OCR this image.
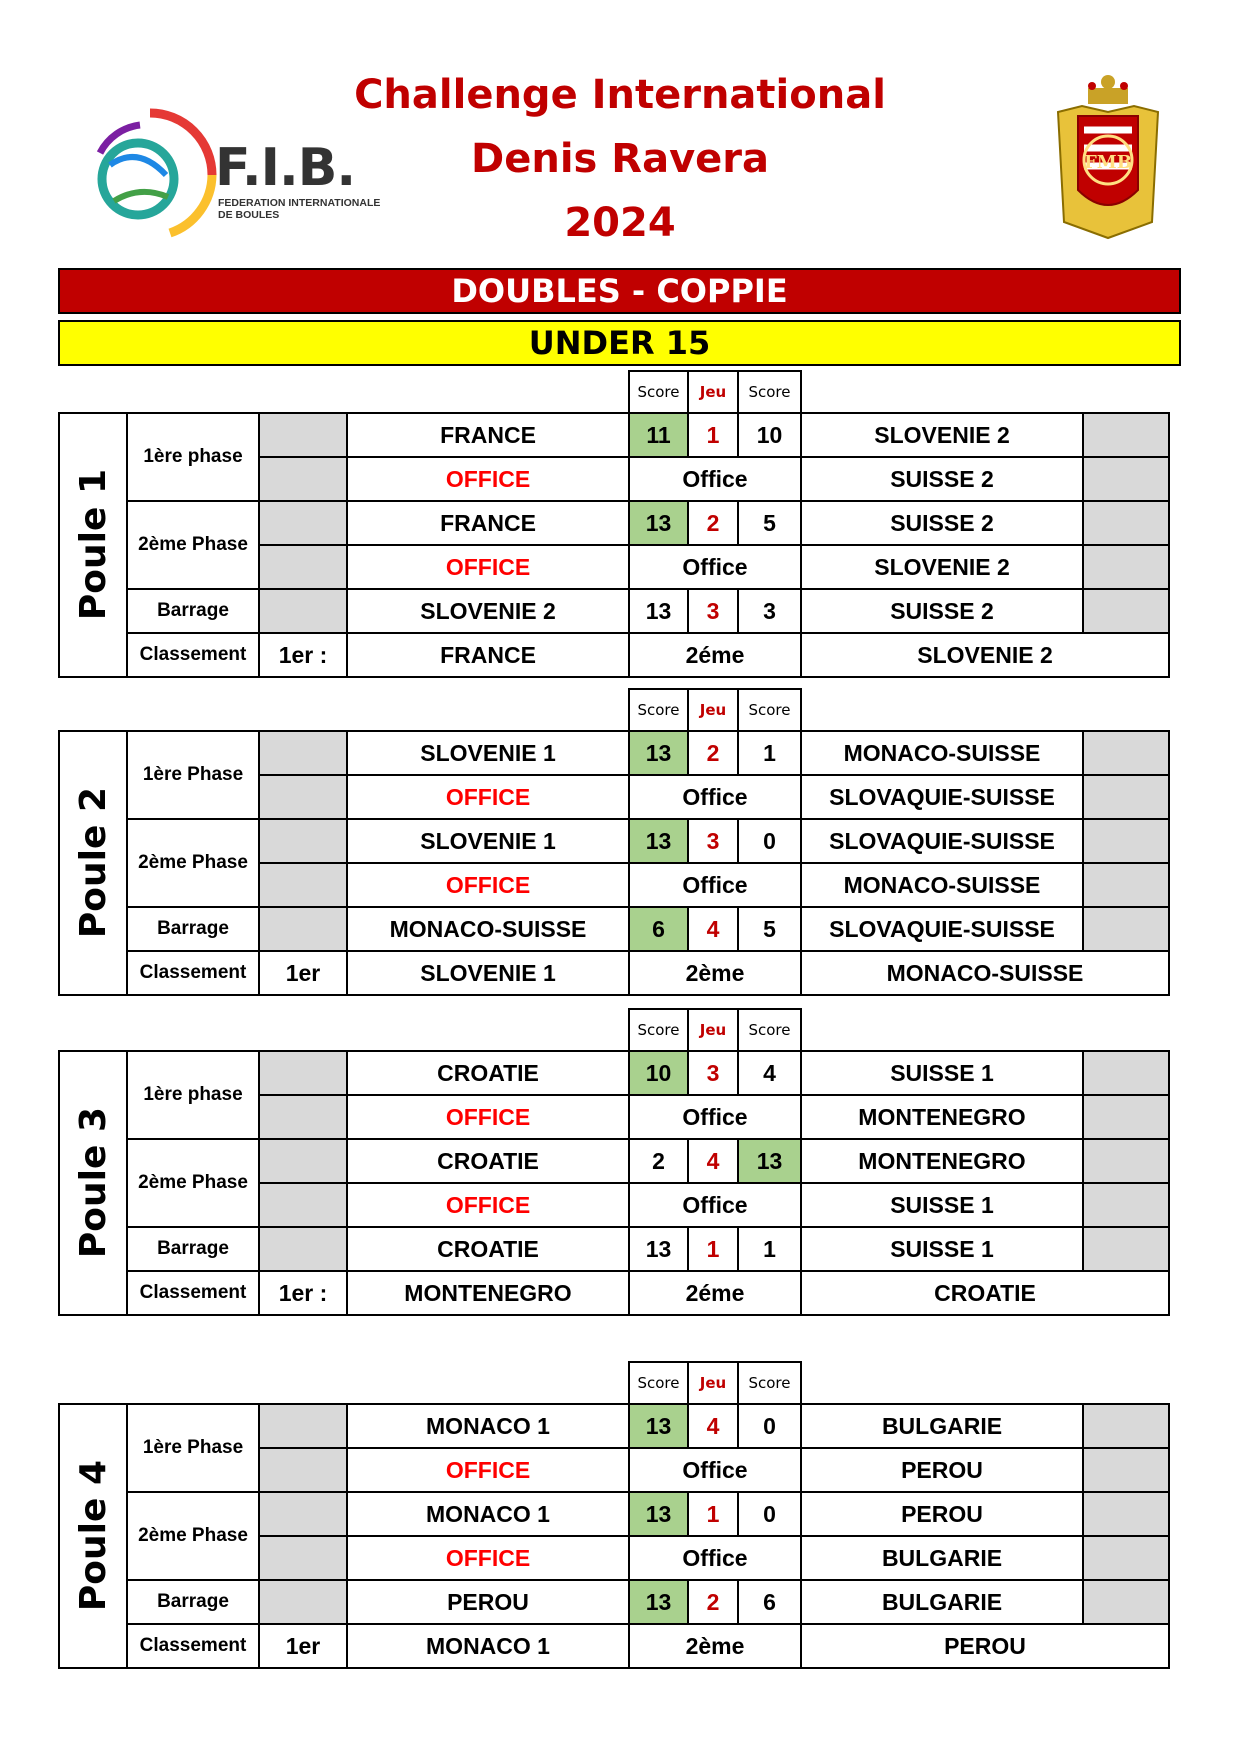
F.I.B.
FEDERATION INTERNATIONALE
DE BOULES
Challenge International
Denis Ravera
2024
FMB
DOUBLES - COPPIE
UNDER 15
Score Jeu Score
Poule 1
1ère phase
2ème Phase
Barrage
Classement
FRANCE	11 1 10	SLOVENIE 2
OFFICE	Office	SUISSE 2
FRANCE	13 2 5	SUISSE 2
OFFICE	Office	SLOVENIE 2
SLOVENIE 2	13 3 3	SUISSE 2
1er :	FRANCE	2éme	SLOVENIE 2
Score Jeu Score
Poule 2
1ère Phase
2ème Phase
Barrage
Classement
SLOVENIE 1	13 2 1	MONACO-SUISSE
OFFICE	Office	SLOVAQUIE-SUISSE
SLOVENIE 1	13 3 0 SLOVAQUIE-SUISSE
OFFICE	Office	MONACO-SUISSE
MONACO-SUISSE	6 4 5 SLOVAQUIE-SUISSE
1er	SLOVENIE 1	2ème	MONACO-SUISSE
Score Jeu Score
Poule 3
1ère phase
2ème Phase
Barrage
Classement
CROATIE	10 3 4	SUISSE 1
OFFICE	Office	MONTENEGRO
CROATIE	2 4 13	MONTENEGRO
OFFICE	Office	SUISSE 1
CROATIE	13 1 1	SUISSE 1
1er :	MONTENEGRO	2éme	CROATIE
Score Jeu Score
Poule 4
1ère Phase
2ème Phase
Barrage
Classement
MONACO 1	13 4 0	BULGARIE
OFFICE	Office	PEROU
MONACO 1	13 1 0	PEROU
OFFICE	Office	BULGARIE
PEROU	13 2 6	BULGARIE
1er	MONACO 1	2ème	PEROU
